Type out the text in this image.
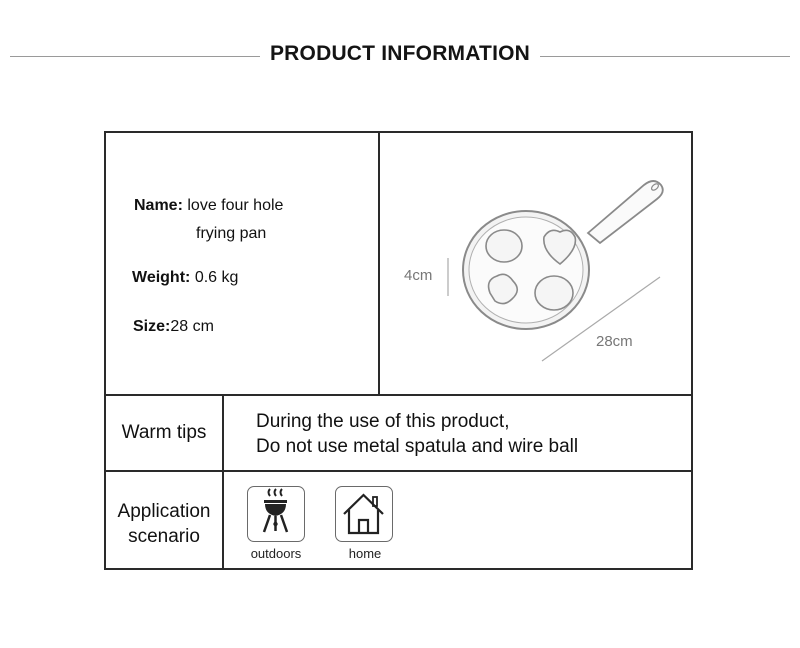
PRODUCT INFORMATION
Name: love four hole
frying pan
Weight: 0.6 kg
Size:28 cm
4cm
28cm
Warm tips
During the use of this product,
Do not use metal spatula and wire ball
Application
scenario
outdoors	home
